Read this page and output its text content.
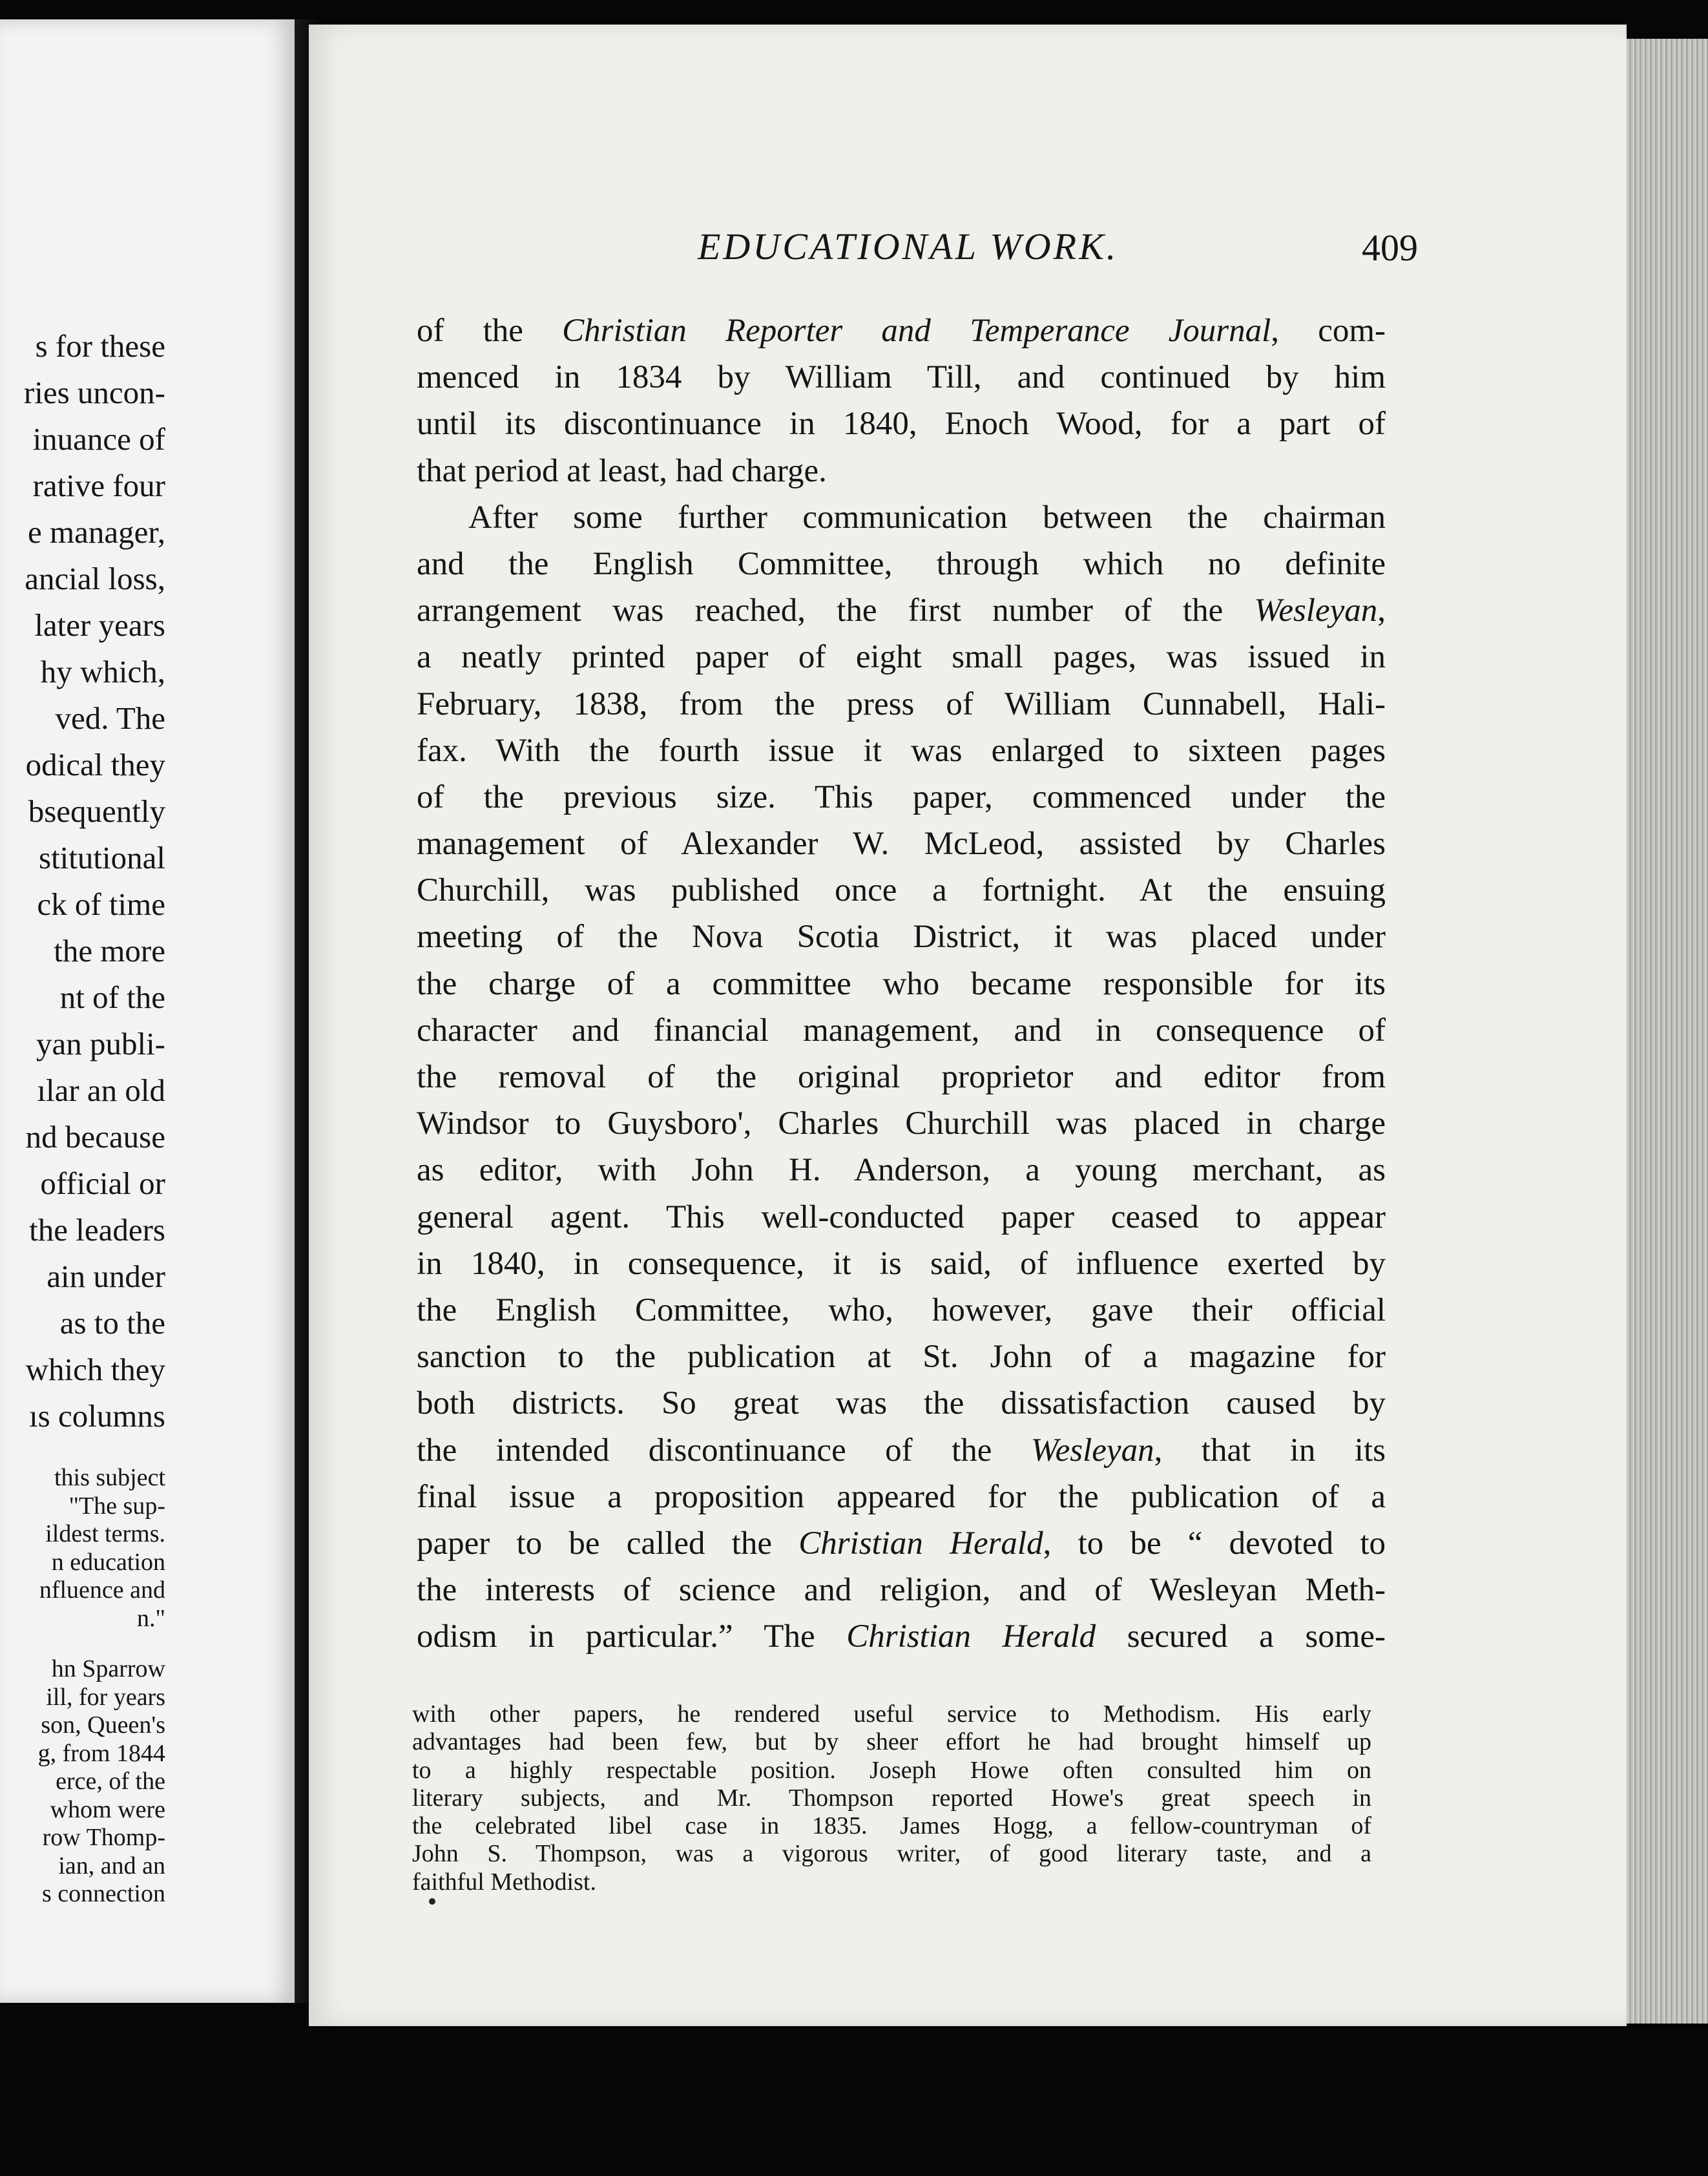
s for these
ries uncon-
inuance of
rative four
e manager,
ancial loss,
later years
hy which,
ved. The
odical they
bsequently
stitutional
ck of time
the more
nt of the
yan publi-
ılar an old
nd because
official or
the leaders
ain under
as to the
which they
ıs columns
this subject
"The sup-
ildest terms.
n education
nfluence and
n."
hn Sparrow
ill, for years
son, Queen's
g, from 1844
erce, of the
whom were
row Thomp-
ian, and an
s connection
EDUCATIONAL WORK.	409
of the Christian Reporter and Temperance Journal, com-
menced in 1834 by William Till, and continued by him
until its discontinuance in 1840, Enoch Wood, for a part of
that period at least, had charge.
After some further communication between the chairman
and the English Committee, through which no definite
arrangement was reached, the first number of the Wesleyan,
a neatly printed paper of eight small pages, was issued in
February, 1838, from the press of William Cunnabell, Hali-
fax. With the fourth issue it was enlarged to sixteen pages
of the previous size. This paper, commenced under the
management of Alexander W. McLeod, assisted by Charles
Churchill, was published once a fortnight. At the ensuing
meeting of the Nova Scotia District, it was placed under
the charge of a committee who became responsible for its
character and financial management, and in consequence of
the removal of the original proprietor and editor from
Windsor to Guysboro', Charles Churchill was placed in charge
as editor, with John H. Anderson, a young merchant, as
general agent. This well-conducted paper ceased to appear
in 1840, in consequence, it is said, of influence exerted by
the English Committee, who, however, gave their official
sanction to the publication at St. John of a magazine for
both districts. So great was the dissatisfaction caused by
the intended discontinuance of the Wesleyan, that in its
final issue a proposition appeared for the publication of a
paper to be called the Christian Herald, to be “ devoted to
the interests of science and religion, and of Wesleyan Meth-
odism in particular.” The Christian Herald secured a some-
with other papers, he rendered useful service to Methodism. His early
advantages had been few, but by sheer effort he had brought himself up
to a highly respectable position. Joseph Howe often consulted him on
literary subjects, and Mr. Thompson reported Howe's great speech in
the celebrated libel case in 1835. James Hogg, a fellow-countryman of
John S. Thompson, was a vigorous writer, of good literary taste, and a
faithful Methodist.
